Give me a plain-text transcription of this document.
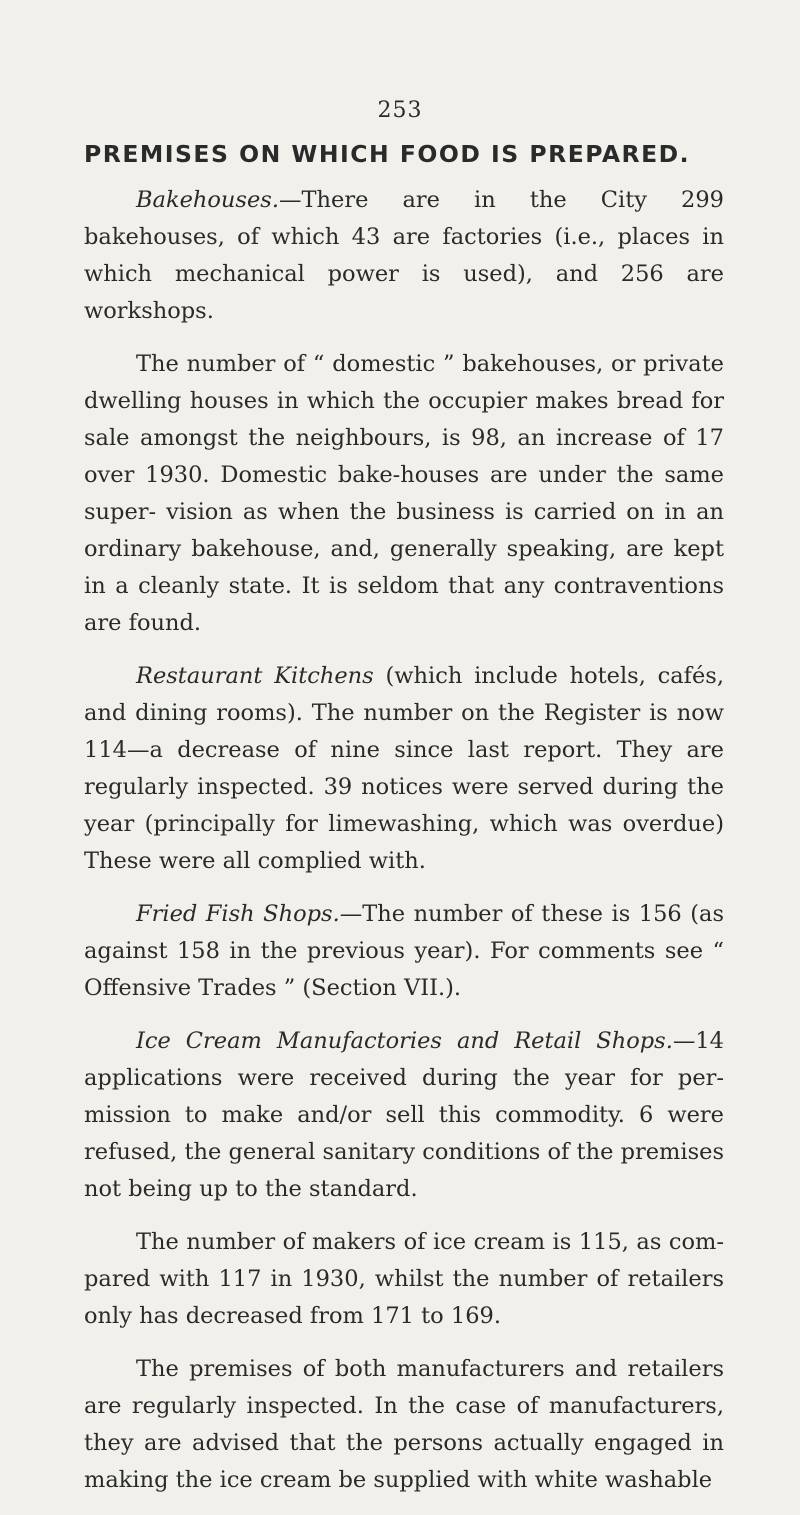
253
PREMISES ON WHICH FOOD IS PREPARED.

Bakehouses.—There are in the City 299 bakehouses, of which 43 are factories (i.e., places in which mechanical power is used), and 256 are workshops.

The number of “ domestic ” bakehouses, or private dwelling houses in which the occupier makes bread for sale amongst the neighbours, is 98, an increase of 17 over 1930. Domestic bake-houses are under the same super- vision as when the business is carried on in an ordinary bakehouse, and, generally speaking, are kept in a cleanly state. It is seldom that any contraventions are found.

Restaurant Kitchens (which include hotels, cafés, and dining rooms). The number on the Register is now 114—a decrease of nine since last report. They are regularly inspected. 39 notices were served during the year (principally for limewashing, which was overdue) These were all complied with.

Fried Fish Shops.—The number of these is 156 (as against 158 in the previous year). For comments see “ Offensive Trades ” (Section VII.).

Ice Cream Manufactories and Retail Shops.—14 applications were received during the year for per- mission to make and/or sell this commodity. 6 were refused, the general sanitary conditions of the premises not being up to the standard.

The number of makers of ice cream is 115, as com- pared with 117 in 1930, whilst the number of retailers only has decreased from 171 to 169.

The premises of both manufacturers and retailers are regularly inspected. In the case of manufacturers, they are advised that the persons actually engaged in making the ice cream be supplied with white washable
